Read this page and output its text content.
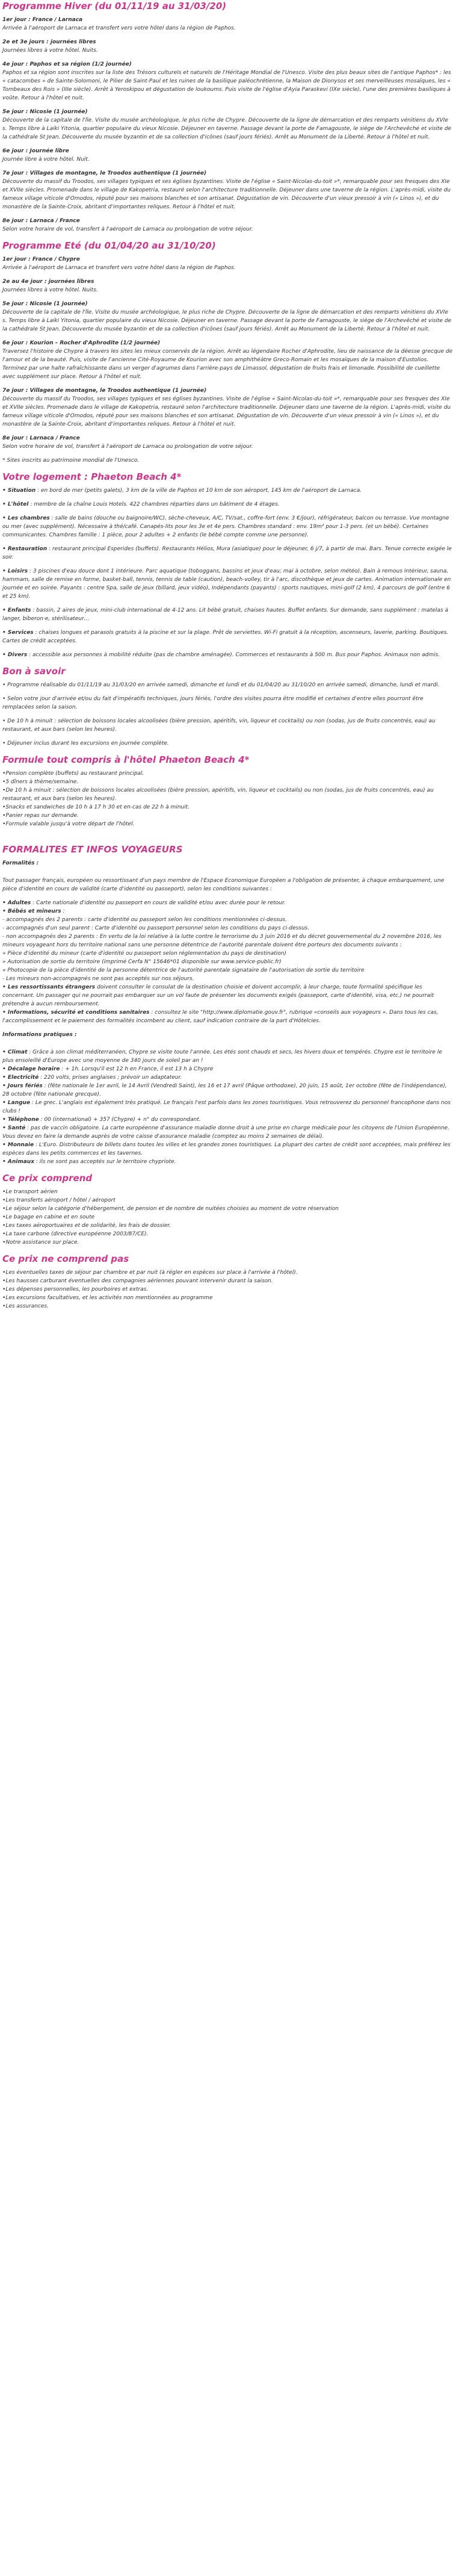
Programme Hiver (du 01/11/19 au 31/03/20)
1er jour : France / Larnaca
Arrivée à l'aéroport de Larnaca et transfert vers votre hôtel dans la région de Paphos.
2e et 3e jours : journées libres
Journées libres à votre hôtel. Nuits.
4e jour : Paphos et sa région (1/2 journée)
Paphos et sa région sont inscrites sur la liste des Trésors culturels et naturels de l'Héritage Mondial de l'Unesco. Visite des plus beaux sites de l'antique Paphos* : les « catacombes » de Sainte-Solomoni, le Pilier de Saint-Paul et les ruines de la basilique paléochrétienne, la Maison de Dionysos et ses merveilleuses mosaïques, les « Tombeaux des Rois » (IIIe siècle). Arrêt à Yeroskipou et dégustation de loukoums. Puis visite de l'église d'Ayia Paraskevi (IXe siècle), l'une des premières basiliques à voûte. Retour à l'hôtel et nuit.
5e jour : Nicosie (1 journée)
Découverte de la capitale de l'île. Visite du musée archéologique, le plus riche de Chypre. Découverte de la ligne de démarcation et des remparts vénitiens du XVIe s. Temps libre à Laiki Yitonia, quartier populaire du vieux Nicosie. Déjeuner en taverne. Passage devant la porte de Famagouste, le siège de l'Archevêché et visite de la cathédrale St Jean. Découverte du musée byzantin et de sa collection d'icônes (sauf jours fériés). Arrêt au Monument de la Liberté. Retour à l'hôtel et nuit.
6e jour : Journée libre
Journée libre à votre hôtel. Nuit.
7e jour : Villages de montagne, le Troodos authentique (1 journée)
Découverte du massif du Troodos, ses villages typiques et ses églises byzantines. Visite de l'église « Saint-Nicolas-du-toit »*, remarquable pour ses fresques des XIe et XVIIe siècles. Promenade dans le village de Kakopetria, restauré selon l'architecture traditionnelle. Déjeuner dans une taverne de la région. L'après-midi, visite du fameux village viticole d'Omodos, réputé pour ses maisons blanches et son artisanat. Dégustation de vin. Découverte d'un vieux pressoir à vin (« Linos »), et du monastère de la Sainte-Croix, abritant d'importantes reliques. Retour à l'hôtel et nuit.
8e jour : Larnaca / France
Selon votre horaire de vol, transfert à l'aéroport de Larnaca ou prolongation de votre séjour.
Programme Eté (du 01/04/20 au 31/10/20)
1er jour : France / Chypre
Arrivée à l'aéroport de Larnaca et transfert vers votre hôtel dans la région de Paphos.
2e au 4e jour : journées libres
Journées libres à votre hôtel. Nuits.
5e jour : Nicosie (1 journée)
Découverte de la capitale de l'île. Visite du musée archéologique, le plus riche de Chypre. Découverte de la ligne de démarcation et des remparts vénitiens du XVIe s. Temps libre à Laiki Yitonia, quartier populaire du vieux Nicosie. Déjeuner en taverne. Passage devant la porte de Famagouste, le siège de l'Archevêché et visite de la cathédrale St Jean. Découverte du musée byzantin et de sa collection d'icônes (sauf jours fériés). Arrêt au Monument de la Liberté. Retour à l'hôtel et nuit.
6e jour : Kourion – Rocher d'Aphrodite (1/2 journée)
Traversez l'histoire de Chypre à travers les sites les mieux conservés de la région. Arrêt au légendaire Rocher d'Aphrodite, lieu de naissance de la déesse grecque de l'amour et de la beauté. Puis, visite de l'ancienne Cité-Royaume de Kourion avec son amphithéâtre Greco-Romain et les mosaïques de la maison d'Eustolios. Terminez par une halte rafraîchissante dans un verger d'agrumes dans l'arrière-pays de Limassol, dégustation de fruits frais et limonade. Possibilité de cueillette avec supplément sur place. Retour à l'hôtel et nuit.
7e jour : Villages de montagne, le Troodos authentique (1 journée)
Découverte du massif du Troodos, ses villages typiques et ses églises byzantines. Visite de l'église « Saint-Nicolas-du-toit »*, remarquable pour ses fresques des XIe et XVIIe siècles. Promenade dans le village de Kakopetria, restauré selon l'architecture traditionnelle. Déjeuner dans une taverne de la région. L'après-midi, visite du fameux village viticole d'Omodos, réputé pour ses maisons blanches et son artisanat. Dégustation de vin. Découverte d'un vieux pressoir à vin (« Linos »), et du monastère de la Sainte-Croix, abritant d'importantes reliques. Retour à l'hôtel et nuit.
8e jour : Larnaca / France
Selon votre horaire de vol, transfert à l'aéroport de Larnaca ou prolongation de votre séjour.
* Sites inscrits au patrimoine mondial de l'Unesco.
Votre logement : Phaeton Beach 4*

• Situation : en bord de mer (petits galets), 3 km de la ville de Paphos et 10 km de son aéroport, 145 km de l'aéroport de Larnaca.

• L'hôtel : membre de la chaîne Louis Hotels. 422 chambres réparties dans un bâtiment de 4 étages.

• Les chambres : salle de bains (douche ou baignoire/WC), sèche-cheveux, A/C, TV/sat., coffre-fort (env. 3 €/jour), réfrigérateur, balcon ou terrasse. Vue montagne ou mer (avec supplément). Nécessaire à thé/café. Canapés-lits pour les 3e et 4e pers. Chambres standard : env. 19m² pour 1-3 pers. (et un bébé). Certaines communicantes. Chambres famille : 1 pièce, pour 2 adultes + 2 enfants (le bébé compte comme une personne).

• Restauration : restaurant principal Esperides (buffets). Restaurants Hélios, Mura (asiatique) pour le déjeuner, 6 j/7, à partir de mai. Bars. Tenue correcte exigée le soir.

• Loisirs : 3 piscines d'eau douce dont 1 intérieure. Parc aquatique (toboggans, bassins et jeux d'eau; mai à octobre, selon météo). Bain à remous intérieur, sauna, hammam, salle de remise en forme, basket-ball, tennis, tennis de table (caution), beach-volley, tir à l'arc, discothèque et jeux de cartes. Animation internationale en journée et en soirée. Payants : centre Spa, salle de jeux (billard, jeux vidéo), Indépendants (payants) : sports nautiques, mini-golf (2 km), 4 parcours de golf (entre 6 et 25 km).

• Enfants : bassin, 2 aires de jeux, mini-club international de 4-12 ans. Lit bébé gratuit, chaises hautes. Buffet enfants. Sur demande, sans supplément : matelas à langer, biberon·e, stérilisateur…

• Services : chaises longues et parasols gratuits à la piscine et sur la plage. Prêt de serviettes. Wi-Fi gratuit à la réception, ascenseurs, laverie, parking. Boutiques. Cartes de crédit acceptées.

• Divers : accessible aux personnes à mobilité réduite (pas de chambre aménagée). Commerces et restaurants à 500 m. Bus pour Paphos. Animaux non admis.

Bon à savoir
• Programme réalisable du 01/11/19 au 31/03/20 en arrivée samedi, dimanche et lundi et du 01/04/20 au 31/10/20 en arrivée samedi, dimanche, lundi et mardi.
• Selon votre jour d'arrivée et/ou du fait d'impératifs techniques, jours fériés, l'ordre des visites pourra être modifié et certaines d'entre elles pourront être remplacées selon la saison.
• De 10 h à minuit : sélection de boissons locales alcoolisées (bière pression, apéritifs, vin, liqueur et cocktails) ou non (sodas, jus de fruits concentrés, eau) au restaurant, et aux bars (selon les heures).
• Déjeuner inclus durant les excursions en journée complète.
Formule tout compris à l'hôtel Phaeton Beach 4*
• Pension complète (buffets) au restaurant principal.
• 5 dîners à thème/semaine.
• De 10 h à minuit : sélection de boissons locales alcoolisées (bière pression, apéritifs, vin, liqueur et cocktails) ou non (sodas, jus de fruits concentrés, eau) au restaurant, et aux bars (selon les heures).
• Snacks et sandwiches de 10 h à 17 h 30 et en-cas de 22 h à minuit.
• Panier repas sur demande.
• Formule valable jusqu'à votre départ de l'hôtel.
FORMALITES ET INFOS VOYAGEURS
Formalités :

Tout passager français, européen ou ressortissant d'un pays membre de l'Espace Economique Européen a l'obligation de présenter, à chaque embarquement, une pièce d'identité en cours de validité (carte d'identité ou passeport), selon les conditions suivantes :

• Adultes : Carte nationale d'identité ou passeport en cours de validité et/ou avec durée pour le retour.
• Bébés et mineurs :
- accompagnés des 2 parents : carte d'identité ou passeport selon les conditions mentionnées ci-dessus.
- accompagnés d'un seul parent : Carte d'identité ou passeport personnel selon les conditions du pays ci-dessus.
- non accompagnés des 2 parents : En vertu de la loi relative à la lutte contre le terrorisme du 3 juin 2016 et du décret gouvernemental du 2 novembre 2016, les mineurs voyageant hors du territoire national sans une personne détentrice de l'autorité parentale doivent être porteurs des documents suivants :
» Pièce d'identité du mineur (carte d'identité ou passeport selon réglementation du pays de destination)
» Autorisation de sortie du territoire (imprimé Cerfa N° 15646*01 disponible sur www.service-public.fr)
» Photocopie de la pièce d'identité de la personne détentrice de l'autorité parentale signataire de l'autorisation de sortie du territoire
- Les mineurs non-accompagnés ne sont pas acceptés sur nos séjours.
• Les ressortissants étrangers doivent consulter le consulat de la destination choisie et doivent accomplir, à leur charge, toute formalité spécifique les concernant. Un passager qui ne pourrait pas embarquer sur un vol faute de présenter les documents exigés (passeport, carte d'identité, visa, etc.) ne pourrait prétendre à aucun remboursement.
• Informations, sécurité et conditions sanitaires : consultez le site "http://www.diplomatie.gouv.fr", rubrique «conseils aux voyageurs ». Dans tous les cas, l'accomplissement et le paiement des formalités incombent au client, sauf indication contraire de la part d'Hôtelcies.
Informations pratiques :
• Climat : Grâce à son climat méditerranéen, Chypre se visite toute l'année. Les étés sont chauds et secs, les hivers doux et tempérés. Chypre est le territoire le plus ensoleillé d'Europe avec une moyenne de 340 jours de soleil par an !
• Décalage horaire : + 1h. Lorsqu'il est 12 h en France, il est 13 h à Chypre
• Electricité : 220 volts, prises anglaises ; prévoir un adaptateur.
• Jours fériés : (fête nationale le 1er avril, le 14 Avril (Vendredi Saint), les 16 et 17 avril (Pâque orthodoxe), 20 juin, 15 août, 1er octobre (fête de l'indépendance), 28 octobre (fête nationale grecque).
• Langue : Le grec. L'anglais est également très pratiqué. Le français l'est parfois dans les zones touristiques. Vous retrouverez du personnel francophone dans nos clubs !
• Téléphone : 00 (international) + 357 (Chypre) + n° du correspondant.
• Santé : pas de vaccin obligatoire. La carte européenne d'assurance maladie donne droit à une prise en charge médicale pour les citoyens de l'Union Européenne. Vous devez en faire la demande auprès de votre caisse d'assurance maladie (comptez au moins 2 semaines de délai).
• Monnaie : L'Euro. Distributeurs de billets dans toutes les villes et les grandes zones touristiques. La plupart des cartes de crédit sont acceptées, mais préférez les espèces dans les petits commerces et les tavernes.
• Animaux : ils ne sont pas acceptés sur le territoire chypriote.
Ce prix comprend
• Le transport aérien
• Les transferts aéroport / hôtel / aéroport
• Le séjour selon la catégorie d'hébergement, de pension et de nombre de nuitées choisies au moment de votre réservation
• Le bagage en cabine et en soute
• Les taxes aéroportuaires et de solidarité, les frais de dossier.
• La taxe carbone (directive européenne 2003/87/CE).
• Notre assistance sur place.
Ce prix ne comprend pas
• Les éventuelles taxes de séjour par chambre et par nuit (à régler en espèces sur place à l'arrivée à l'hôtel).
• Les hausses carburant éventuelles des compagnies aériennes pouvant intervenir durant la saison.
• Les dépenses personnelles, les pourboires et extras.
• Les excursions facultatives, et les activités non mentionnées au programme
• Les assurances.
